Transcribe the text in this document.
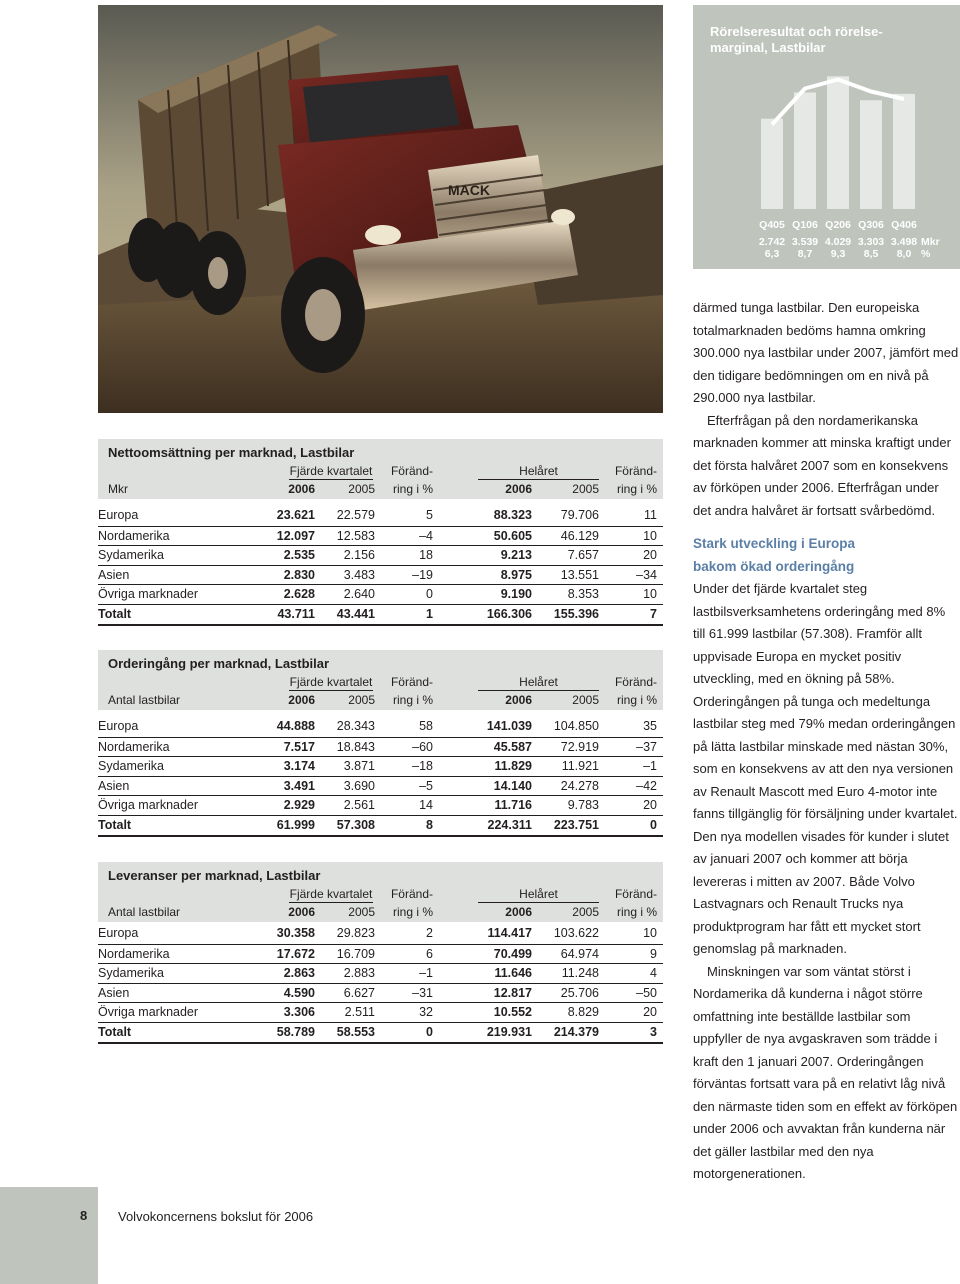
MACK
Rörelseresultat och rörelse-
marginal, Lastbilar
Q405
2.742
6,3
Q106
3.539
8,7
Q206
4.029
9,3
Q306
3.303
8,5
Q406
3.498
8,0
Mkr
%
Nettoomsättning per marknad, Lastbilar
Fjärde kvartalet Föränd-	Helåret	Föränd-
Mkr	2006	2005 ring i %	2006	2005 ring i %
Europa	23.621 22.579	5	88.323 79.706	11
Nordamerika	12.097 12.583	–4	50.605 46.129	10
Sydamerika	2.535 2.156	18	9.213	7.657	20
Asien	2.830 3.483	–19	8.975 13.551	–34
Övriga marknader	2.628 2.640	0	9.190	8.353	10
Totalt	43.711 43.441	1	166.306 155.396	7
Orderingång per marknad, Lastbilar
Fjärde kvartalet Föränd-	Helåret	Föränd-
Antal lastbilar	2006	2005 ring i %	2006	2005 ring i %
Europa	44.888 28.343	58	141.039 104.850	35
Nordamerika	7.517 18.843	–60	45.587 72.919	–37
Sydamerika	3.174 3.871	–18	11.829 11.921	–1
Asien	3.491 3.690	–5	14.140 24.278	–42
Övriga marknader	2.929 2.561	14	11.716	9.783	20
Totalt	61.999 57.308	8	224.311 223.751	0
Leveranser per marknad, Lastbilar
Fjärde kvartalet Föränd-	Helåret	Föränd-
Antal lastbilar	2006	2005 ring i %	2006	2005 ring i %
Europa	30.358 29.823	2	114.417 103.622	10
Nordamerika	17.672 16.709	6	70.499 64.974	9
Sydamerika	2.863 2.883	–1	11.646 11.248	4
Asien	4.590 6.627	–31	12.817 25.706	–50
Övriga marknader	3.306 2.511	32	10.552	8.829	20
Totalt	58.789 58.553	0	219.931 214.379	3

därmed tunga lastbilar. Den europeiska totalmarknaden bedöms hamna omkring 300.000 nya lastbilar under 2007, jämfört med den tidigare bedömningen om en nivå på 290.000 nya lastbilar.

Efterfrågan på den nordamerikanska marknaden kommer att minska kraftigt under det första halvåret 2007 som en konsekvens av förköpen under 2006. Efterfrågan under det andra halvåret är fortsatt svårbedömd.

Stark utveckling i Europa
bakom ökad orderingång

Under det fjärde kvartalet steg lastbilsverksamhetens orderingång med 8% till 61.999 lastbilar (57.308). Framför allt uppvisade Europa en mycket positiv utveckling, med en ökning på 58%. Orderingången på tunga och medeltunga lastbilar steg med 79% medan orderingången på lätta lastbilar minskade med nästan 30%, som en konsekvens av att den nya versionen av Renault Mascott med Euro 4-motor inte fanns tillgänglig för försäljning under kvartalet. Den nya modellen visades för kunder i slutet av januari 2007 och kommer att börja levereras i mitten av 2007. Både Volvo Lastvagnars och Renault Trucks nya produktprogram har fått ett mycket stort genomslag på marknaden.

Minskningen var som väntat störst i Nordamerika då kunderna i något större omfattning inte beställde lastbilar som uppfyller de nya avgaskraven som trädde i kraft den 1 januari 2007. Orderingången förväntas fortsatt vara på en relativt låg nivå den närmaste tiden som en effekt av förköpen under 2006 och avvaktan från kunderna när det gäller lastbilar med den nya motorgenerationen.

8 Volvokoncernens bokslut för 2006
